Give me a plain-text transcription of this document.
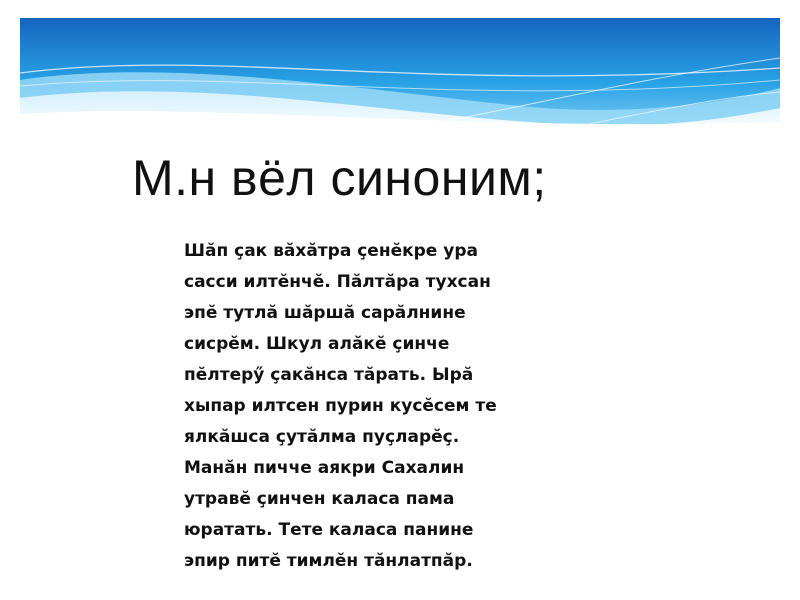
М.н вёл синоним;
Шăп çак вăхăтра çенĕкре ура
сасси илтĕнчĕ. Пăлтăра тухсан
эпĕ тутлă шăршă сарăлнине
сисрĕм. Шкул алăкĕ çинче
пĕлтерӳ çакăнса тăрать. Ырă
хыпар илтсен пурин кусĕсем те
ялкăшса çутăлма пуçларĕç.
Манăн пичче аякри Сахалин
утравĕ çинчен каласа пама
юратать. Тете каласа панине
эпир питĕ тимлĕн тăнлатпăр.
